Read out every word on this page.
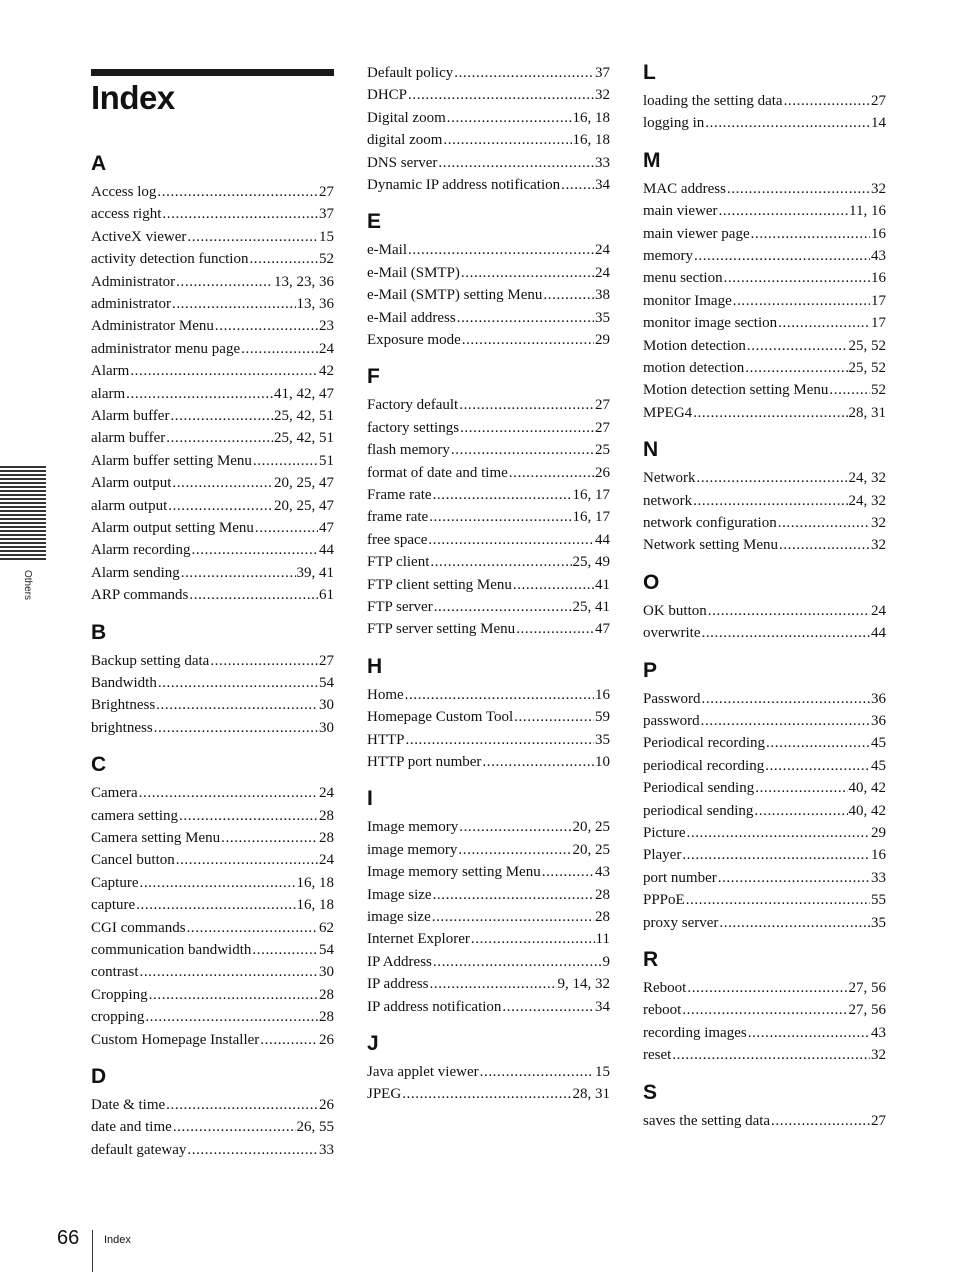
Index
A
Access log .....	27
access right .....	37
ActiveX viewer .....	15
activity detection function .....	52
Administrator .....	13, 23, 36
administrator .....	13, 36
Administrator Menu .....	23
administrator menu page .....	24
Alarm .....	42
alarm .....	41, 42, 47
Alarm buffer .....	25, 42, 51
alarm buffer .....	25, 42, 51
Alarm buffer setting Menu .....	51
Alarm output .....	20, 25, 47
alarm output .....	20, 25, 47
Alarm output setting Menu .....	47
Alarm recording .....	44
Alarm sending .....	39, 41
ARP commands .....	61
B
Backup setting data .....	27
Bandwidth .....	54
Brightness .....	30
brightness .....	30
C
Camera .....	24
camera setting .....	28
Camera setting Menu .....	28
Cancel button .....	24
Capture .....	16, 18
capture .....	16, 18
CGI commands .....	62
communication bandwidth .....	54
contrast .....	30
Cropping .....	28
cropping .....	28
Custom Homepage Installer .....	26
D
Date & time .....	26
date and time .....	26, 55
default gateway .....	33
Default policy .....	37
DHCP .....	32
Digital zoom .....	16, 18
digital zoom .....	16, 18
DNS server .....	33
Dynamic IP address notification ..... 34
E
e-Mail .....	24
e-Mail (SMTP) .....	24
e-Mail (SMTP) setting Menu .....	38
e-Mail address .....	35
Exposure mode .....	29
F
Factory default .....	27
factory settings .....	27
flash memory .....	25
format of date and time .....	26
Frame rate .....	16, 17
frame rate .....	16, 17
free space .....	44
FTP client .....	25, 49
FTP client setting Menu .....	41
FTP server .....	25, 41
FTP server setting Menu .....	47
H
Home .....	16
Homepage Custom Tool .....	59
HTTP .....	35
HTTP port number .....	10
I
Image memory .....	20, 25
image memory .....	20, 25
Image memory setting Menu .....	43
Image size .....	28
image size .....	28
Internet Explorer .....	11
IP Address .....	9
IP address .....	9, 14, 32
IP address notification .....	34
J
Java applet viewer .....	15
JPEG .....	28, 31
L
loading the setting data .....	27
logging in .....	14
M
MAC address .....	32
main viewer .....	11, 16
main viewer page .....	16
memory .....	43
menu section .....	16
monitor Image .....	17
monitor image section .....	17
Motion detection .....	25, 52
motion detection .....	25, 52
Motion detection setting Menu .....	52
MPEG4 .....	28, 31
N
Network .....	24, 32
network .....	24, 32
network configuration .....	32
Network setting Menu .....	32
O
OK button .....	24
overwrite .....	44
P
Password .....	36
password .....	36
Periodical recording .....	45
periodical recording .....	45
Periodical sending .....	40, 42
periodical sending .....	40, 42
Picture .....	29
Player .....	16
port number .....	33
PPPoE .....	55
proxy server .....	35
R
Reboot .....	27, 56
reboot .....	27, 56
recording images .....	43
reset .....	32
S
saves the setting data .....	27
Others
66 Index
